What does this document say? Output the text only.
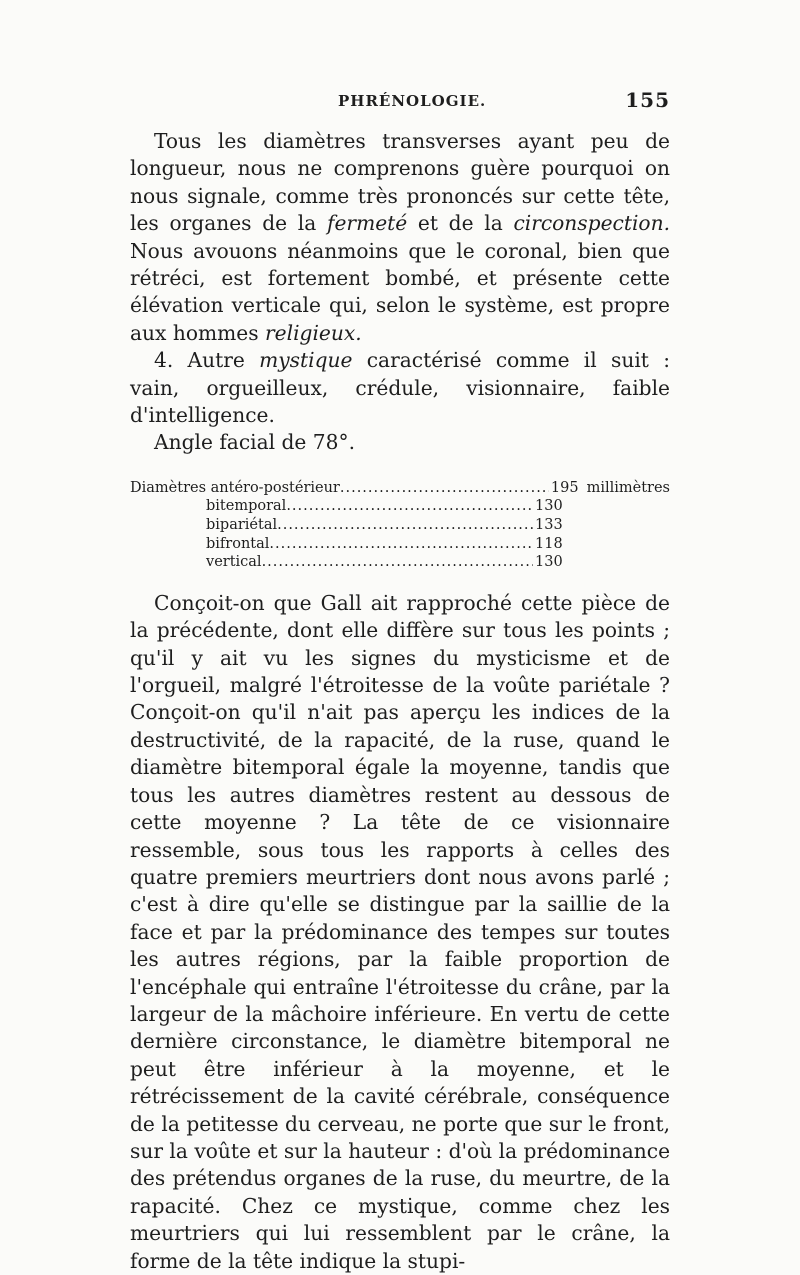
PHRÉNOLOGIE.	155

Tous les diamètres transverses ayant peu de longueur, nous ne comprenons guère pourquoi on nous signale, comme très prononcés sur cette tête, les organes de la fermeté et de la circonspection. Nous avouons néanmoins que le coronal, bien que rétréci, est fortement bombé, et présente cette élévation verticale qui, selon le système, est propre aux hommes religieux.

4. Autre mystique caractérisé comme il suit : vain, orgueilleux, crédule, visionnaire, faible d'intelligence.

Angle facial de 78°.

Diamètres antéro-postérieur .....	195 millimètres
bitemporal .....	130
bipariétal .....	133
bifrontal .....	118
vertical .....	130

Conçoit-on que Gall ait rapproché cette pièce de la précédente, dont elle diffère sur tous les points ; qu'il y ait vu les signes du mysticisme et de l'orgueil, malgré l'étroitesse de la voûte pariétale ? Conçoit-on qu'il n'ait pas aperçu les indices de la destructivité, de la rapacité, de la ruse, quand le diamètre bitemporal égale la moyenne, tandis que tous les autres diamètres restent au dessous de cette moyenne ? La tête de ce visionnaire ressemble, sous tous les rapports à celles des quatre premiers meurtriers dont nous avons parlé ; c'est à dire qu'elle se distingue par la saillie de la face et par la prédominance des tempes sur toutes les autres régions, par la faible proportion de l'encéphale qui entraîne l'étroitesse du crâne, par la largeur de la mâchoire inférieure. En vertu de cette dernière circonstance, le diamètre bitemporal ne peut être inférieur à la moyenne, et le rétrécissement de la cavité cérébrale, conséquence de la petitesse du cerveau, ne porte que sur le front, sur la voûte et sur la hauteur : d'où la prédominance des prétendus organes de la ruse, du meurtre, de la rapacité. Chez ce mystique, comme chez les meurtriers qui lui ressemblent par le crâne, la forme de la tête indique la stupi-
